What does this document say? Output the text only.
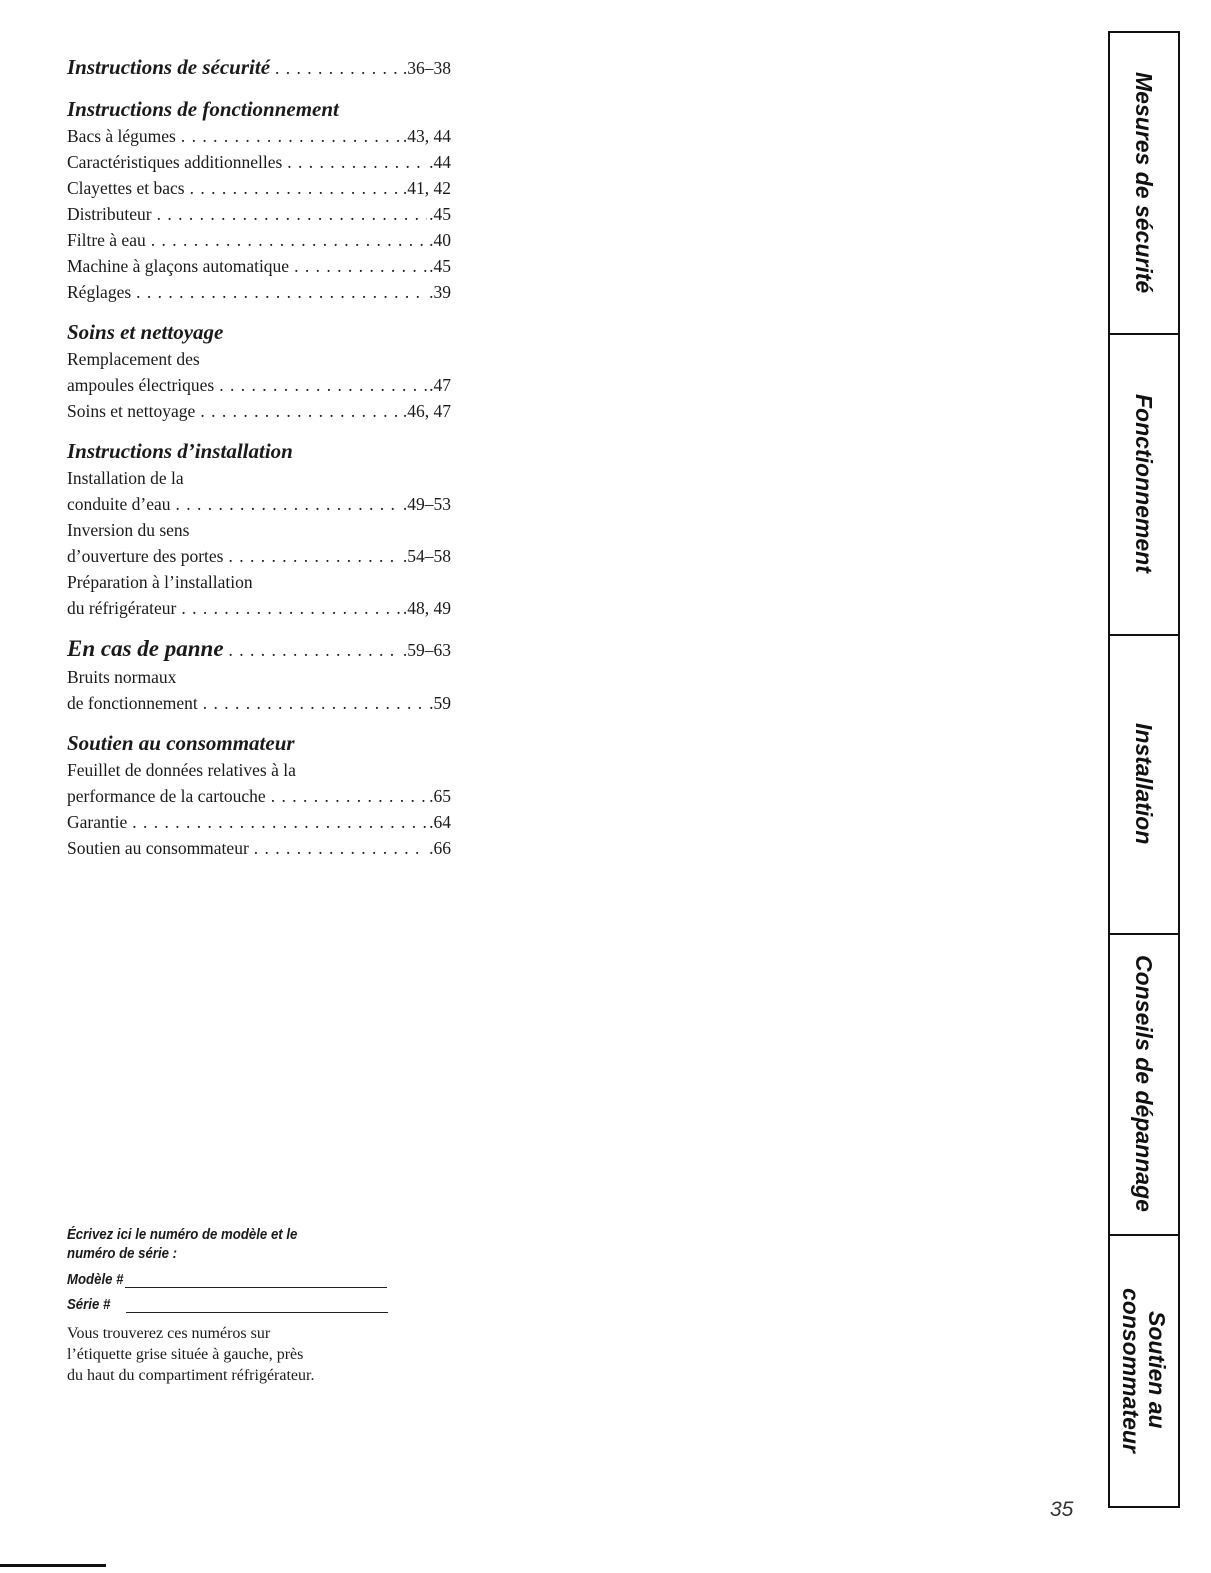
Instructions de sécurité . . .	.36–38
Instructions de fonctionnement
Bacs à légumes . . .	.43, 44
Caractéristiques additionnelles . . .	.44
Clayettes et bacs . . .	.41, 42
Distributeur . . .	.45
Filtre à eau . . .	.40
Machine à glaçons automatique . . .	.45
Réglages . . .	.39
Soins et nettoyage
Remplacement des
ampoules électriques . . .	.47
Soins et nettoyage . . .	.46, 47
Instructions d’installation
Installation de la
conduite d’eau . . .	.49–53
Inversion du sens
d’ouverture des portes . . .	.54–58
Préparation à l’installation
du réfrigérateur . . .	.48, 49
En cas de panne . . .	.59–63
Bruits normaux
de fonctionnement . . .	.59
Soutien au consommateur
Feuillet de données relatives à la
performance de la cartouche . . .	.65
Garantie . . .	.64
Soutien au consommateur . . .	.66
Écrivez ici le numéro de modèle et le
numéro de série :
Modèle #
Série #
Vous trouverez ces numéros sur
l’étiquette grise située à gauche, près
du haut du compartiment réfrigérateur.
Mesures de sécurité
Fonctionnement
Installation
Conseils de dépannage
Soutien au
consommateur
35
